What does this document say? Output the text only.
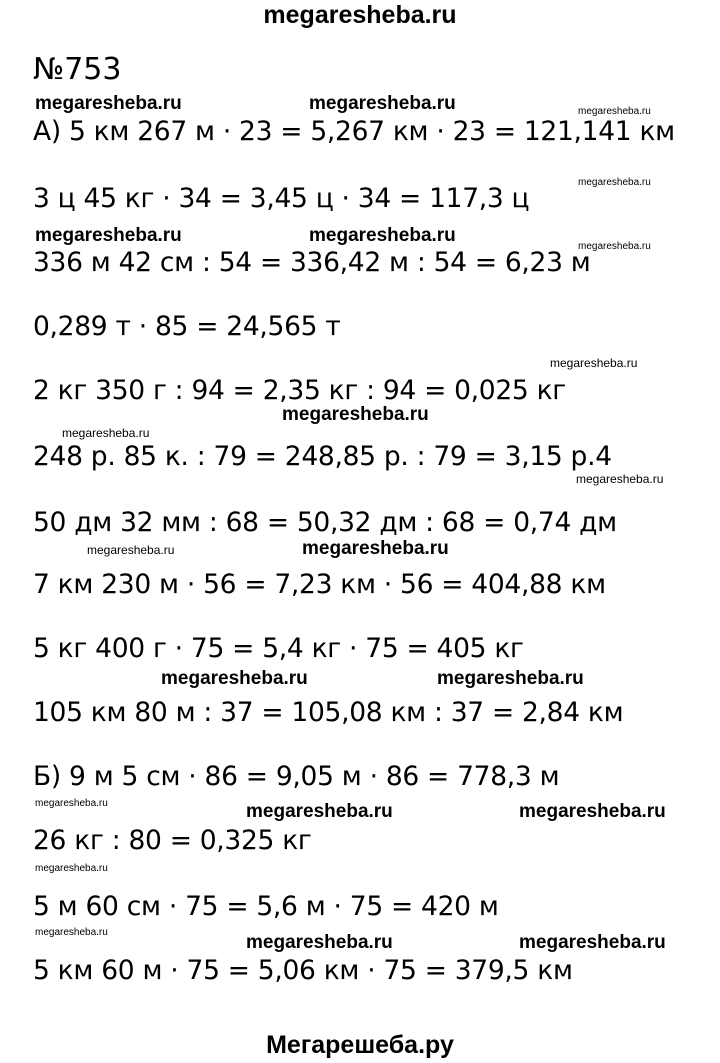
megaresheba.ru
№753
А) 5 км 267 м · 23 = 5,267 км · 23 = 121,141 км
3 ц 45 кг · 34 = 3,45 ц · 34 = 117,3 ц
336 м 42 см : 54 = 336,42 м : 54 = 6,23 м
0,289 т · 85 = 24,565 т
2 кг 350 г : 94 = 2,35 кг : 94 = 0,025 кг
248 р. 85 к. : 79 = 248,85 р. : 79 = 3,15 р.4
50 дм 32 мм : 68 = 50,32 дм : 68 = 0,74 дм
7 км 230 м · 56 = 7,23 км · 56 = 404,88 км
5 кг 400 г · 75 = 5,4 кг · 75 = 405 кг
105 км 80 м : 37 = 105,08 км : 37 = 2,84 км
Б) 9 м 5 см · 86 = 9,05 м · 86 = 778,3 м
26 кг : 80 = 0,325 кг
5 м 60 см · 75 = 5,6 м · 75 = 420 м
5 км 60 м · 75 = 5,06 км · 75 = 379,5 км
megaresheba.ru	megaresheba.ru	megaresheba.ru
megaresheba.ru
megaresheba.ru	megaresheba.ru
megaresheba.ru
megaresheba.ru
megaresheba.ru
megaresheba.ru
megaresheba.ru
megaresheba.ru	megaresheba.ru
megaresheba.ru	megaresheba.ru
megaresheba.ru	megaresheba.ru	megaresheba.ru
megaresheba.ru
megaresheba.ru	megaresheba.ru	megaresheba.ru
Мегарешеба.ру
